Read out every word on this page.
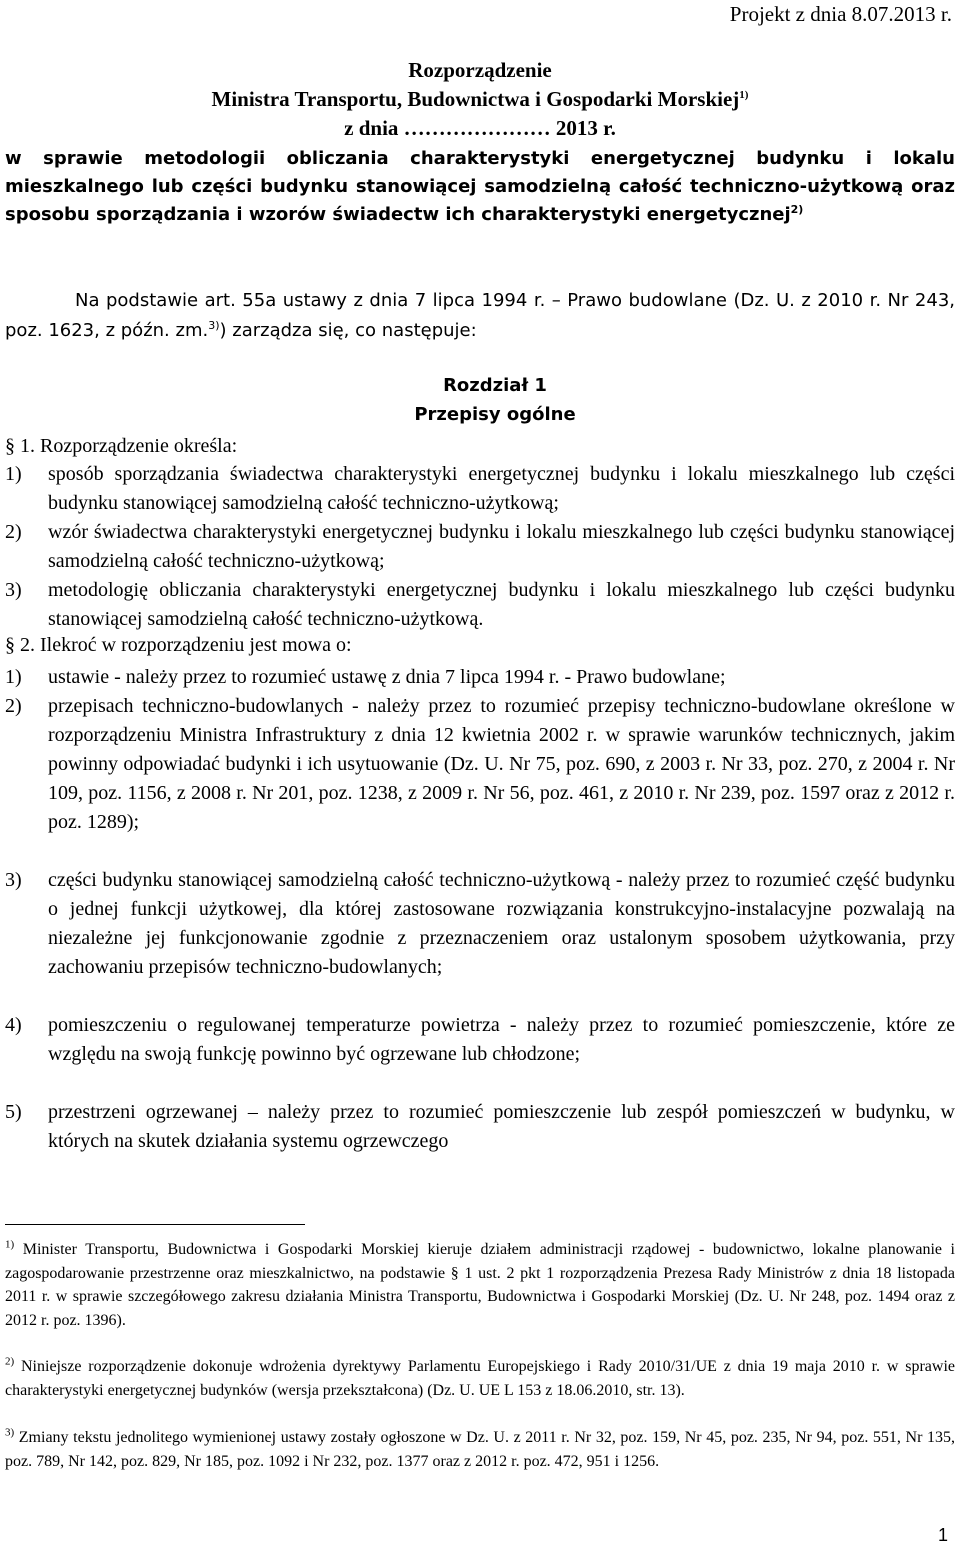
Projekt z dnia 8.07.2013 r.
Rozporządzenie
Ministra Transportu, Budownictwa i Gospodarki Morskiej$^{1)}$
z dnia ………………… 2013 r.
w sprawie metodologii obliczania charakterystyki energetycznej budynku i lokalu mieszkalnego lub części budynku stanowiącej samodzielną całość techniczno-użytkową oraz sposobu sporządzania i wzorów świadectw ich charakterystyki energetycznej$^{2)}$
Na podstawie art. 55a ustawy z dnia 7 lipca 1994 r. – Prawo budowlane (Dz. U. z 2010 r. Nr 243, poz. 1623, z późn. zm.$^{3)}$) zarządza się, co następuje:
Rozdział 1
Przepisy ogólne
§ 1. Rozporządzenie określa:
1) sposób sporządzania świadectwa charakterystyki energetycznej budynku i lokalu mieszkalnego lub części budynku stanowiącej samodzielną całość techniczno-użytkową;
2) wzór świadectwa charakterystyki energetycznej budynku i lokalu mieszkalnego lub części budynku stanowiącej samodzielną całość techniczno-użytkową;
3) metodologię obliczania charakterystyki energetycznej budynku i lokalu mieszkalnego lub części budynku stanowiącej samodzielną całość techniczno-użytkową.
§ 2. Ilekroć w rozporządzeniu jest mowa o:
1) ustawie - należy przez to rozumieć ustawę z dnia 7 lipca 1994 r. - Prawo budowlane;
2) przepisach techniczno-budowlanych - należy przez to rozumieć przepisy techniczno-budowlane określone w rozporządzeniu Ministra Infrastruktury z dnia 12 kwietnia 2002 r. w sprawie warunków technicznych, jakim powinny odpowiadać budynki i ich usytuowanie (Dz. U. Nr 75, poz. 690, z 2003 r. Nr 33, poz. 270, z 2004 r. Nr 109, poz. 1156, z 2008 r. Nr 201, poz. 1238, z 2009 r. Nr 56, poz. 461, z 2010 r. Nr 239, poz. 1597 oraz z 2012 r. poz. 1289);
3) części budynku stanowiącej samodzielną całość techniczno-użytkową - należy przez to rozumieć część budynku o jednej funkcji użytkowej, dla której zastosowane rozwiązania konstrukcyjno-instalacyjne pozwalają na niezależne jej funkcjonowanie zgodnie z przeznaczeniem oraz ustalonym sposobem użytkowania, przy zachowaniu przepisów techniczno-budowlanych;
4) pomieszczeniu o regulowanej temperaturze powietrza - należy przez to rozumieć pomieszczenie, które ze względu na swoją funkcję powinno być ogrzewane lub chłodzone;
5) przestrzeni ogrzewanej – należy przez to rozumieć pomieszczenie lub zespół pomieszczeń w budynku, w których na skutek działania systemu ogrzewczego
$^{1)}$ Minister Transportu, Budownictwa i Gospodarki Morskiej kieruje działem administracji rządowej - budownictwo, lokalne planowanie i zagospodarowanie przestrzenne oraz mieszkalnictwo, na podstawie § 1 ust. 2 pkt 1 rozporządzenia Prezesa Rady Ministrów z dnia 18 listopada 2011 r. w sprawie szczegółowego zakresu działania Ministra Transportu, Budownictwa i Gospodarki Morskiej (Dz. U. Nr 248, poz. 1494 oraz z 2012 r. poz. 1396).
$^{2)}$ Niniejsze rozporządzenie dokonuje wdrożenia dyrektywy Parlamentu Europejskiego i Rady 2010/31/UE z dnia 19 maja 2010 r. w sprawie charakterystyki energetycznej budynków (wersja przekształcona) (Dz. U. UE L 153 z 18.06.2010, str. 13).
$^{3)}$ Zmiany tekstu jednolitego wymienionej ustawy zostały ogłoszone w Dz. U. z 2011 r. Nr 32, poz. 159, Nr 45, poz. 235, Nr 94, poz. 551, Nr 135, poz. 789, Nr 142, poz. 829, Nr 185, poz. 1092 i Nr 232, poz. 1377 oraz z 2012 r. poz. 472, 951 i 1256.
1
